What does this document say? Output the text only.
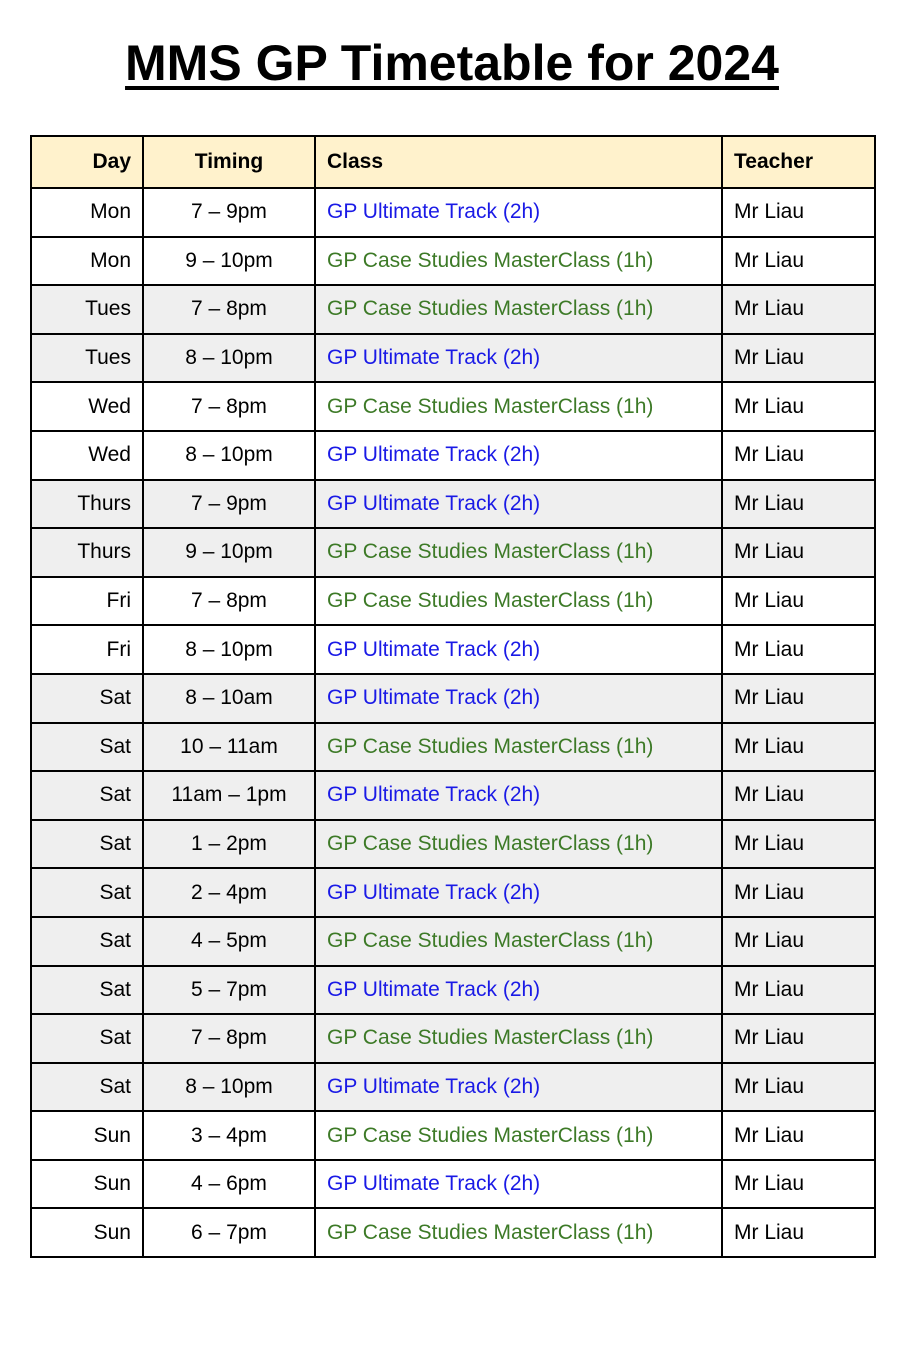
MMS GP Timetable for 2024
Day	Timing	Class	Teacher
Mon	7 – 9pm	GP Ultimate Track (2h)	Mr Liau
Mon	9 – 10pm	GP Case Studies MasterClass (1h)	Mr Liau
Tues	7 – 8pm	GP Case Studies MasterClass (1h)	Mr Liau
Tues	8 – 10pm	GP Ultimate Track (2h)	Mr Liau
Wed	7 – 8pm	GP Case Studies MasterClass (1h)	Mr Liau
Wed	8 – 10pm	GP Ultimate Track (2h)	Mr Liau
Thurs	7 – 9pm	GP Ultimate Track (2h)	Mr Liau
Thurs	9 – 10pm	GP Case Studies MasterClass (1h)	Mr Liau
Fri	7 – 8pm	GP Case Studies MasterClass (1h)	Mr Liau
Fri	8 – 10pm	GP Ultimate Track (2h)	Mr Liau
Sat	8 – 10am	GP Ultimate Track (2h)	Mr Liau
Sat	10 – 11am	GP Case Studies MasterClass (1h)	Mr Liau
Sat	11am – 1pm	GP Ultimate Track (2h)	Mr Liau
Sat	1 – 2pm	GP Case Studies MasterClass (1h)	Mr Liau
Sat	2 – 4pm	GP Ultimate Track (2h)	Mr Liau
Sat	4 – 5pm	GP Case Studies MasterClass (1h)	Mr Liau
Sat	5 – 7pm	GP Ultimate Track (2h)	Mr Liau
Sat	7 – 8pm	GP Case Studies MasterClass (1h)	Mr Liau
Sat	8 – 10pm	GP Ultimate Track (2h)	Mr Liau
Sun	3 – 4pm	GP Case Studies MasterClass (1h)	Mr Liau
Sun	4 – 6pm	GP Ultimate Track (2h)	Mr Liau
Sun	6 – 7pm	GP Case Studies MasterClass (1h)	Mr Liau
